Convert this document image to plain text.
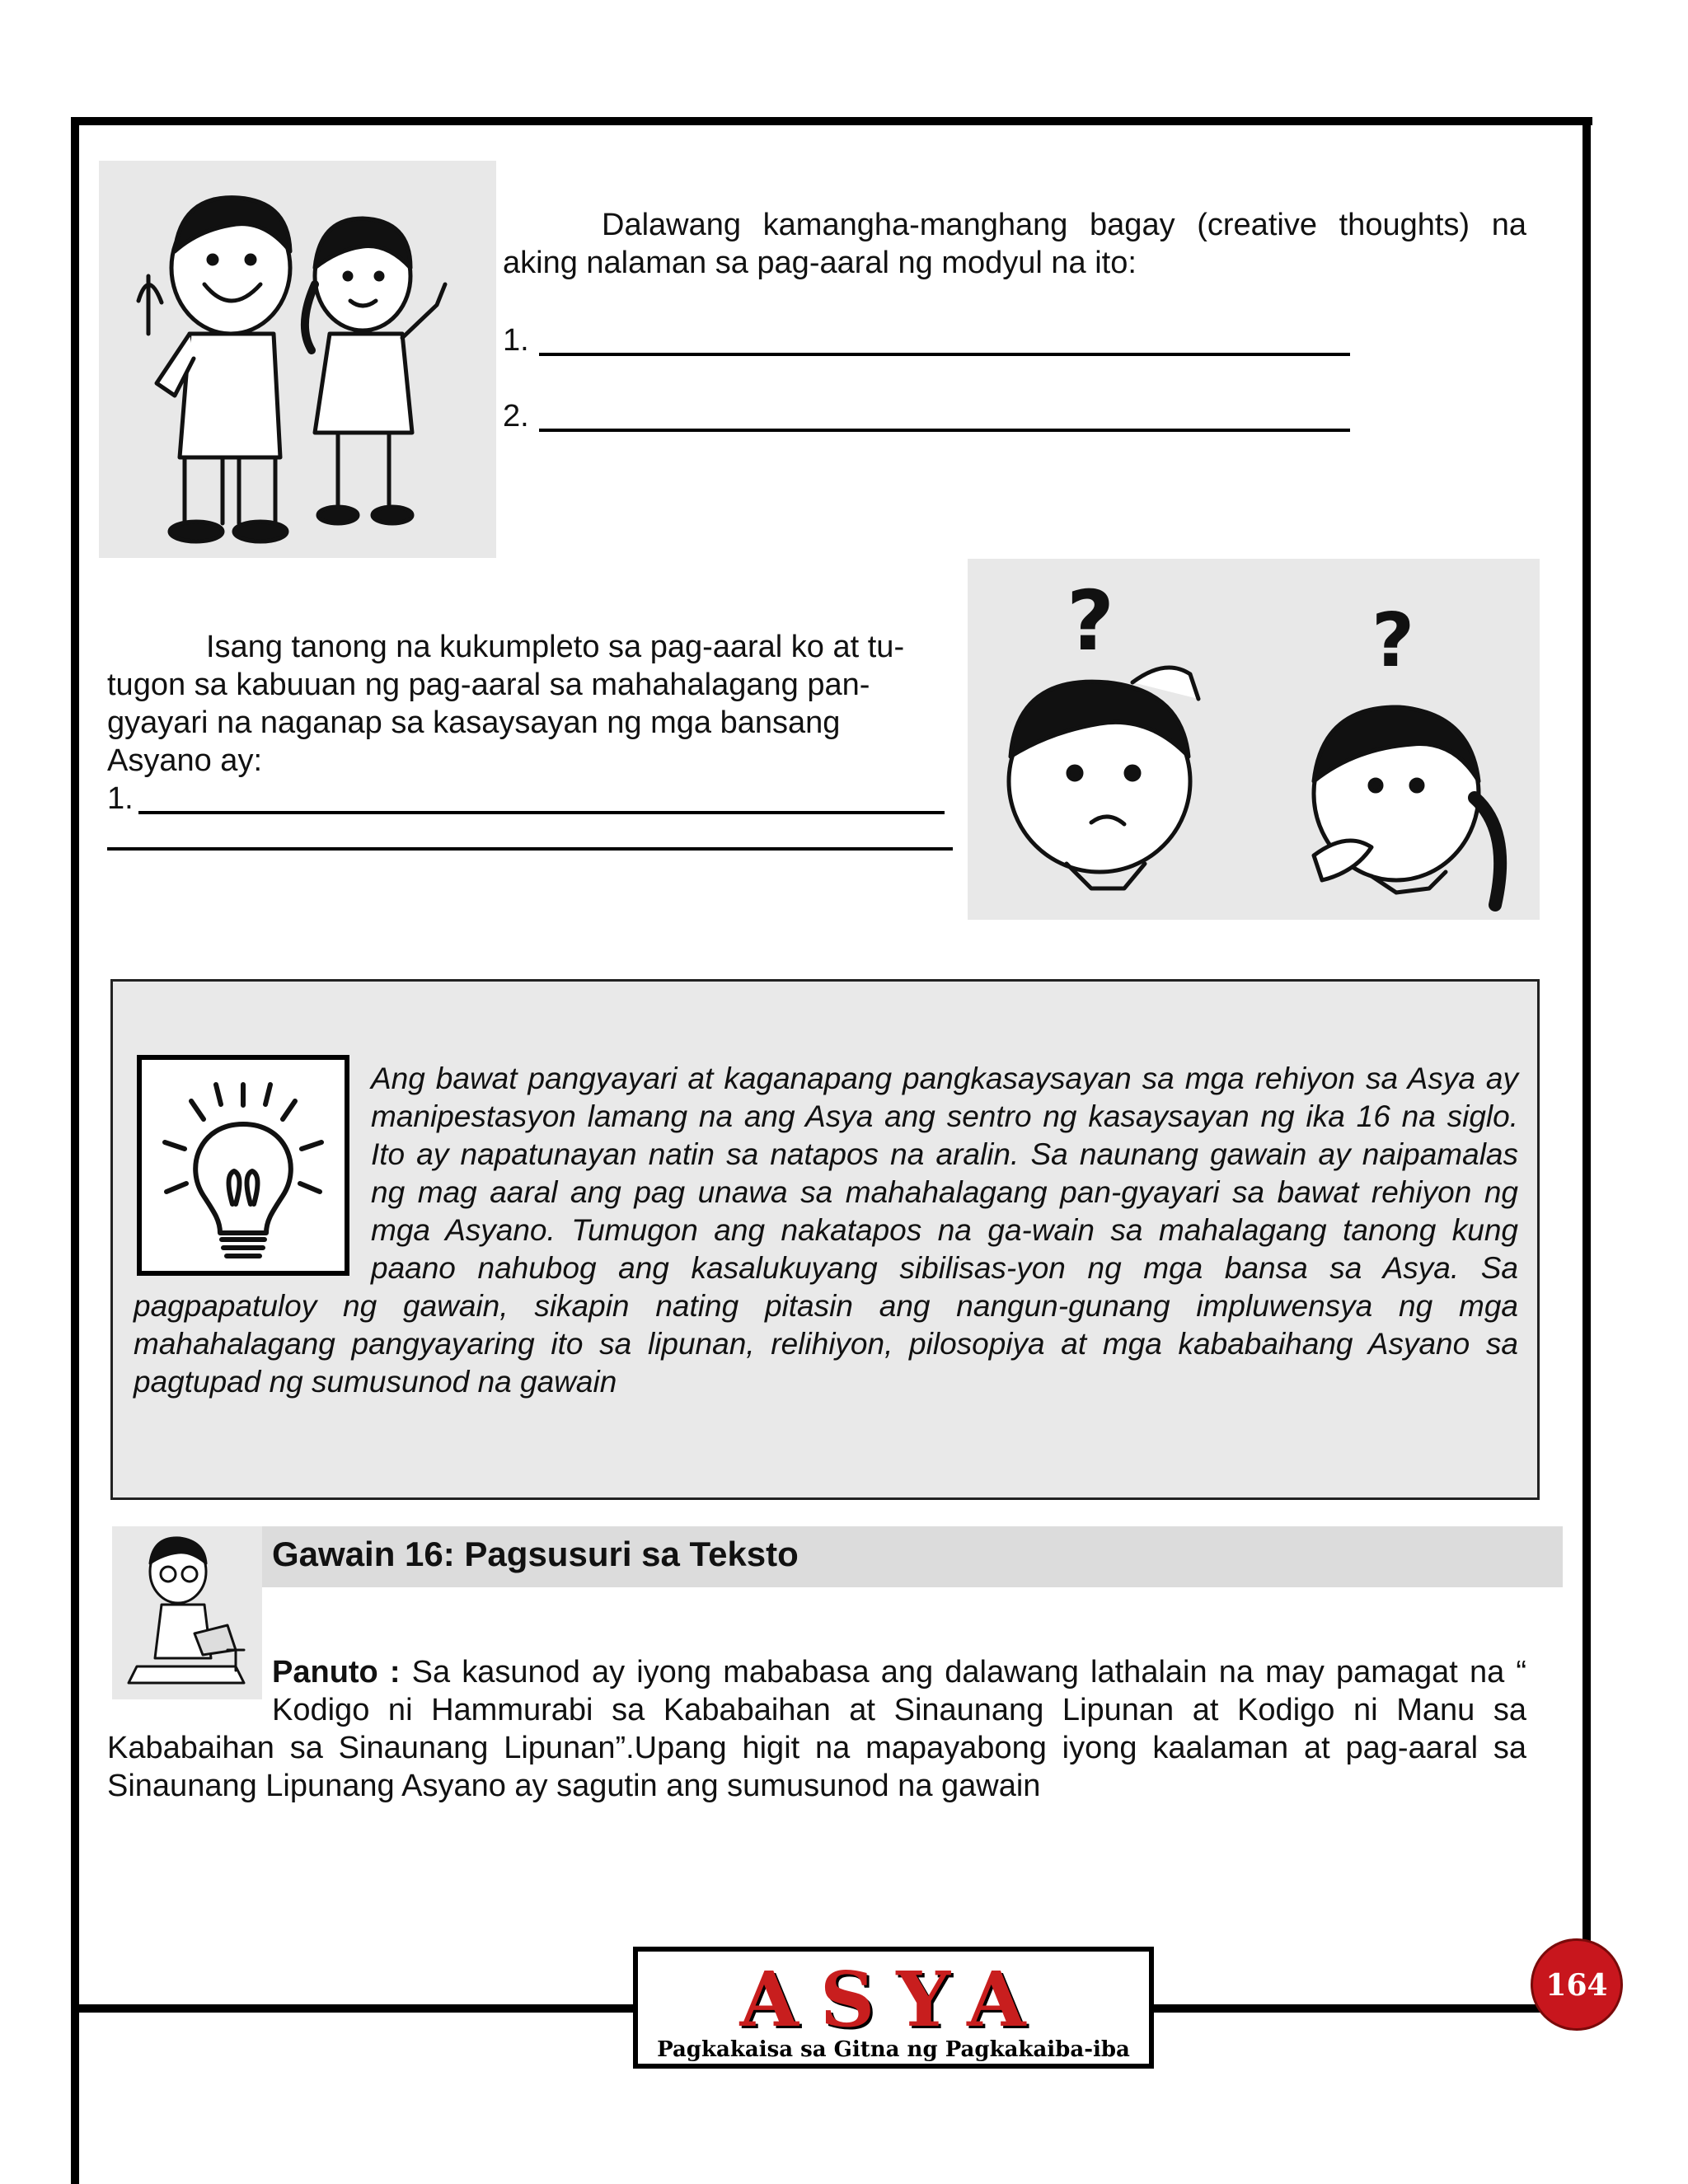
Dalawang kamangha-manghang bagay (creative thoughts) na aking nalaman sa pag-aaral ng modyul na ito:
1.
2.
Isang tanong na kukumpleto sa pag-aaral ko at tu-tugon sa kabuuan ng pag-aaral sa mahahalagang pan-gyayari na naganap sa kasaysayan ng mga bansang Asyano ay:
1.
?	?
Ang bawat pangyayari at kaganapang pangkasaysayan sa mga rehiyon sa Asya ay manipestasyon lamang na ang Asya ang sentro ng kasaysayan ng ika 16 na siglo. Ito ay napatunayan natin sa natapos na aralin. Sa naunang gawain ay naipamalas ng mag aaral ang pag unawa sa mahahalagang pan-gyayari sa bawat rehiyon ng mga Asyano. Tumugon ang nakatapos na ga-wain sa mahalagang tanong kung paano nahubog ang kasalukuyang sibilisas-yon ng mga bansa sa Asya. Sa pagpapatuloy ng gawain, sikapin nating pitasin ang nangun-gunang impluwensya ng mga mahahalagang pangyayaring ito sa lipunan, relihiyon, pilosopiya at mga kababaihang Asyano sa pagtupad ng sumusunod na gawain
Gawain 16: Pagsusuri sa Teksto
Panuto : Sa kasunod ay iyong mababasa ang dalawang lathalain na may pamagat na “ Kodigo ni Hammurabi sa Kababaihan at Sinaunang Lipunan at Kodigo ni Manu sa Kababaihan sa Sinaunang Lipunan”.Upang higit na mapayabong iyong kaalaman at pag-aaral sa Sinaunang Lipunang Asyano ay sagutin ang sumusunod na gawain
ASYA
Pagkakaisa sa Gitna ng Pagkakaiba-iba
164
